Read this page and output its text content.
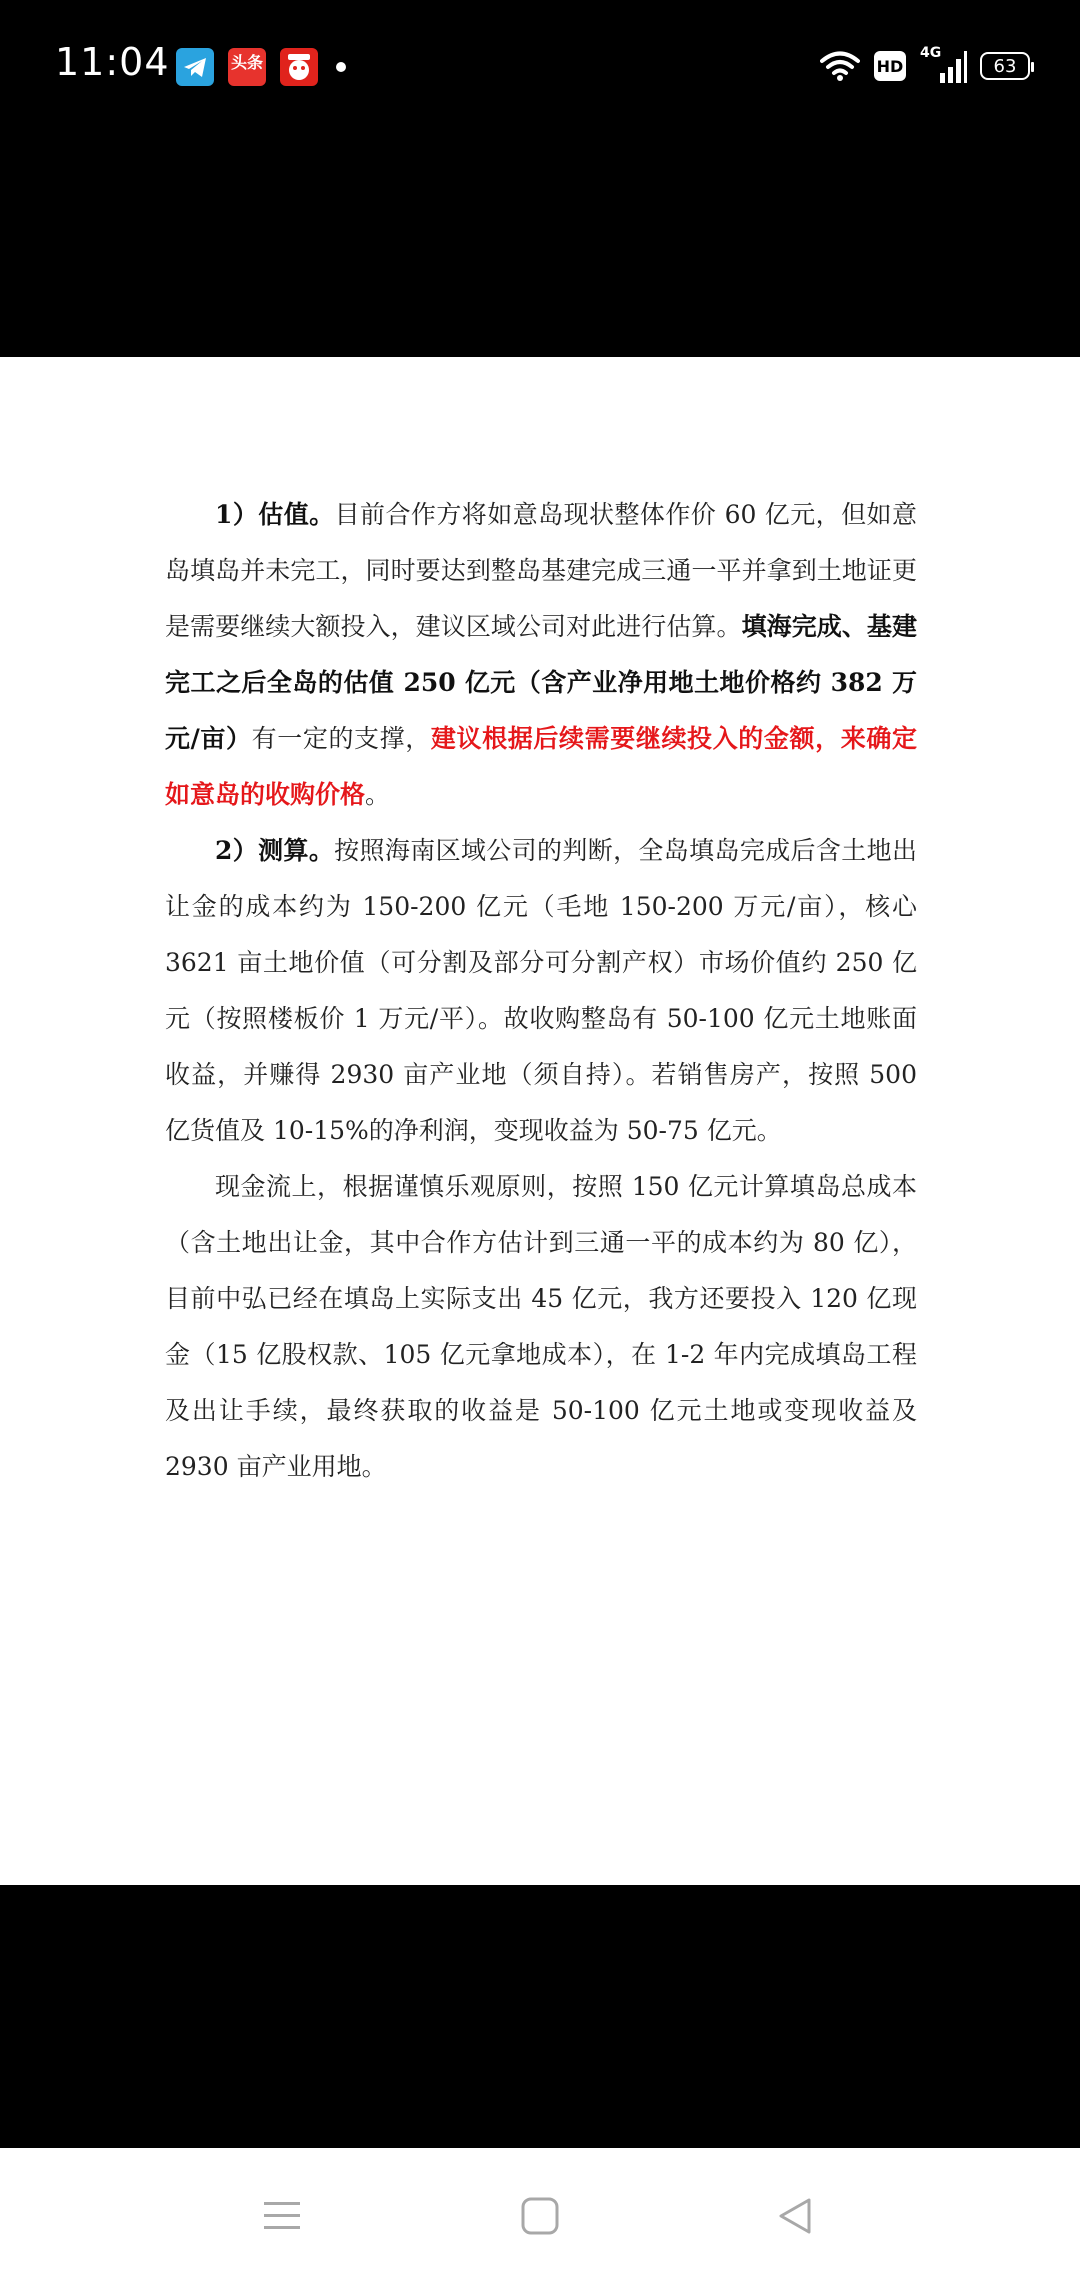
11:04	头条	HD
4G
63

1）估值。目前合作方将如意岛现状整体作价 60 亿元，但如意岛填岛并未完工，同时要达到整岛基建完成三通一平并拿到土地证更是需要继续大额投入，建议区域公司对此进行估算。填海完成、基建完工之后全岛的估值 250 亿元（含产业净用地土地价格约 382 万元/亩）有一定的支撑，建议根据后续需要继续投入的金额，来确定如意岛的收购价格。

2）测算。按照海南区域公司的判断，全岛填岛完成后含土地出让金的成本约为 150-200 亿元（毛地 150-200 万元/亩），核心 3621 亩土地价值（可分割及部分可分割产权）市场价值约 250 亿元（按照楼板价 1 万元/平）。故收购整岛有 50-100 亿元土地账面收益，并赚得 2930 亩产业地（须自持）。若销售房产，按照 500 亿货值及 10-15%的净利润，变现收益为 50-75 亿元。

现金流上，根据谨慎乐观原则，按照 150 亿元计算填岛总成本（含土地出让金，其中合作方估计到三通一平的成本约为 80 亿），目前中弘已经在填岛上实际支出 45 亿元，我方还要投入 120 亿现金（15 亿股权款、105 亿元拿地成本），在 1-2 年内完成填岛工程及出让手续，最终获取的收益是 50-100 亿元土地或变现收益及 2930 亩产业用地。
